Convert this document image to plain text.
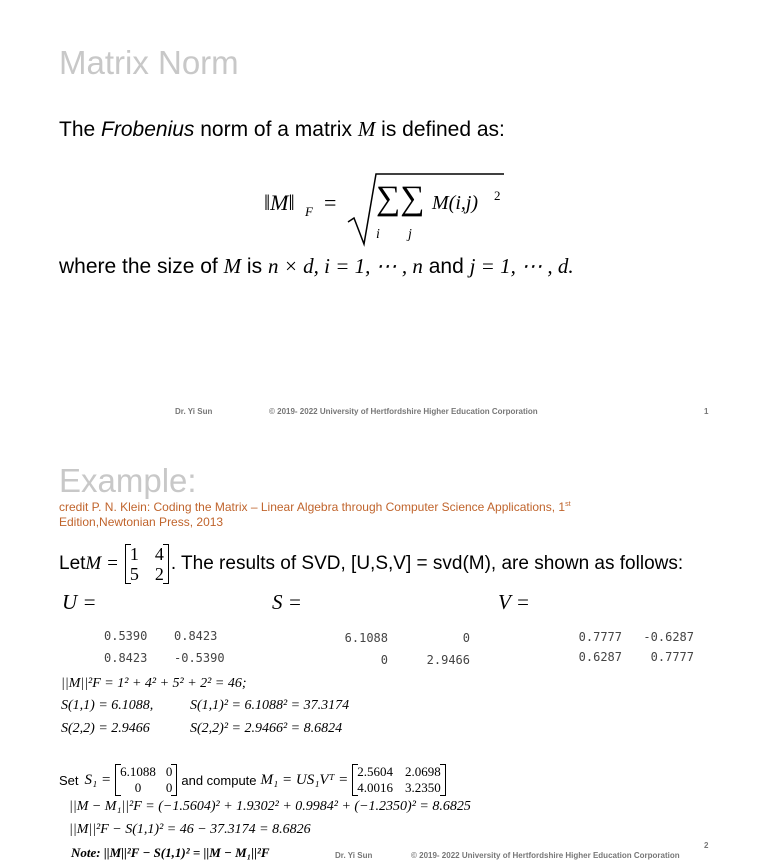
Matrix Norm
The Frobenius norm of a matrix M is defined as:
‖M‖ F = ∑∑
i j
M(i,j) 2
where the size of M is n × d, i = 1, ⋯ , n and j = 1, ⋯ , d.
Dr. Yi Sun	© 2019- 2022 University of Hertfordshire Higher Education Corporation	1
Example:
credit P. N. Klein: Coding the Matrix – Linear Algebra through Computer Science Applications, 1st
Edition,Newtonian Press, 2013
Let M = 1 4
5 2 . The results of SVD, [U,S,V] = svd(M), are shown as follows:
U =	S =	V =
0.5390	0.8423
0.8423	-0.5390
6.1088	0
0	2.9466
0.7777	-0.6287
0.6287	0.7777
||M||²F = 1² + 4² + 5² + 2² = 46;
S(1,1) = 6.1088,	S(1,1)² = 6.1088² = 37.3174
S(2,2) = 2.9466	S(2,2)² = 2.9466² = 8.6824
Set S₁ = 6.1088 0
0	0 and compute M₁ = US₁Vᵀ = 2.5604 2.0698
4.0016 3.2350
||M − M₁||²F = (−1.5604)² + 1.9302² + 0.9984² + (−1.2350)² = 8.6825
||M||²F − S(1,1)² = 46 − 37.3174 = 8.6826
Note: ||M||²F − S(1,1)² = ||M − M₁||²F	Dr. Yi Sun	© 2019- 2022 University of Hertfordshire Higher Education Corporation
2
